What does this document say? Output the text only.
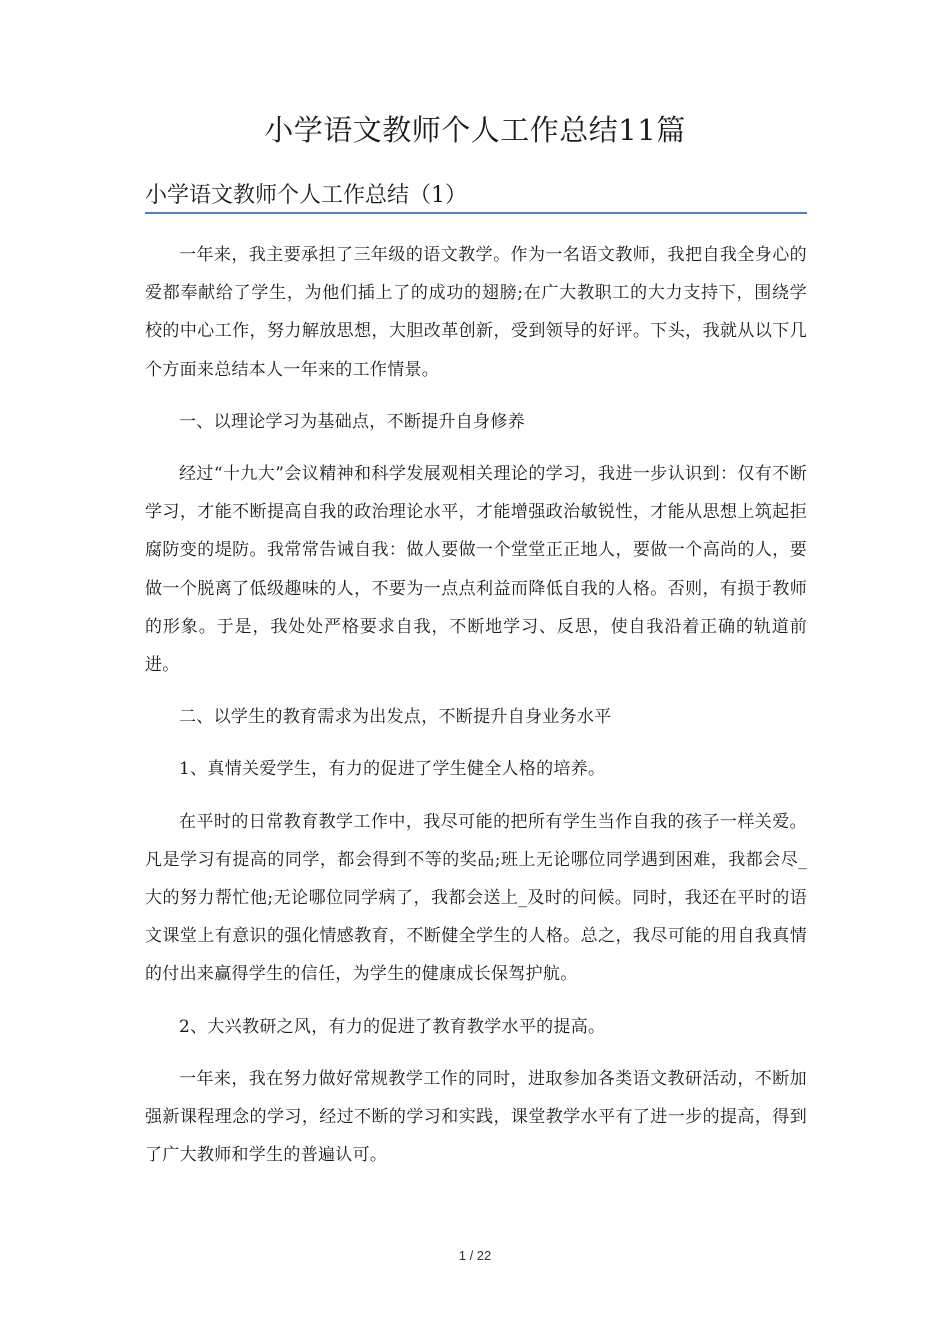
小学语文教师个人工作总结11篇
小学语文教师个人工作总结（1）

一年来，我主要承担了三年级的语文教学。作为一名语文教师，我把自我全身心的爱都奉献给了学生，为他们插上了的成功的翅膀;在广大教职工的大力支持下，围绕学校的中心工作，努力解放思想，大胆改革创新，受到领导的好评。下头，我就从以下几个方面来总结本人一年来的工作情景。

一、以理论学习为基础点，不断提升自身修养

经过“十九大”会议精神和科学发展观相关理论的学习，我进一步认识到：仅有不断学习，才能不断提高自我的政治理论水平，才能增强政治敏锐性，才能从思想上筑起拒腐防变的堤防。我常常告诫自我：做人要做一个堂堂正正地人，要做一个高尚的人，要做一个脱离了低级趣味的人，不要为一点点利益而降低自我的人格。否则，有损于教师的形象。于是，我处处严格要求自我，不断地学习、反思，使自我沿着正确的轨道前进。

二、以学生的教育需求为出发点，不断提升自身业务水平

1、真情关爱学生，有力的促进了学生健全人格的培养。

在平时的日常教育教学工作中，我尽可能的把所有学生当作自我的孩子一样关爱。凡是学习有提高的同学，都会得到不等的奖品;班上无论哪位同学遇到困难，我都会尽_大的努力帮忙他;无论哪位同学病了，我都会送上_及时的问候。同时，我还在平时的语文课堂上有意识的强化情感教育，不断健全学生的人格。总之，我尽可能的用自我真情的付出来赢得学生的信任，为学生的健康成长保驾护航。

2、大兴教研之风，有力的促进了教育教学水平的提高。

一年来，我在努力做好常规教学工作的同时，进取参加各类语文教研活动，不断加强新课程理念的学习，经过不断的学习和实践，课堂教学水平有了进一步的提高，得到了广大教师和学生的普遍认可。

1 / 22
